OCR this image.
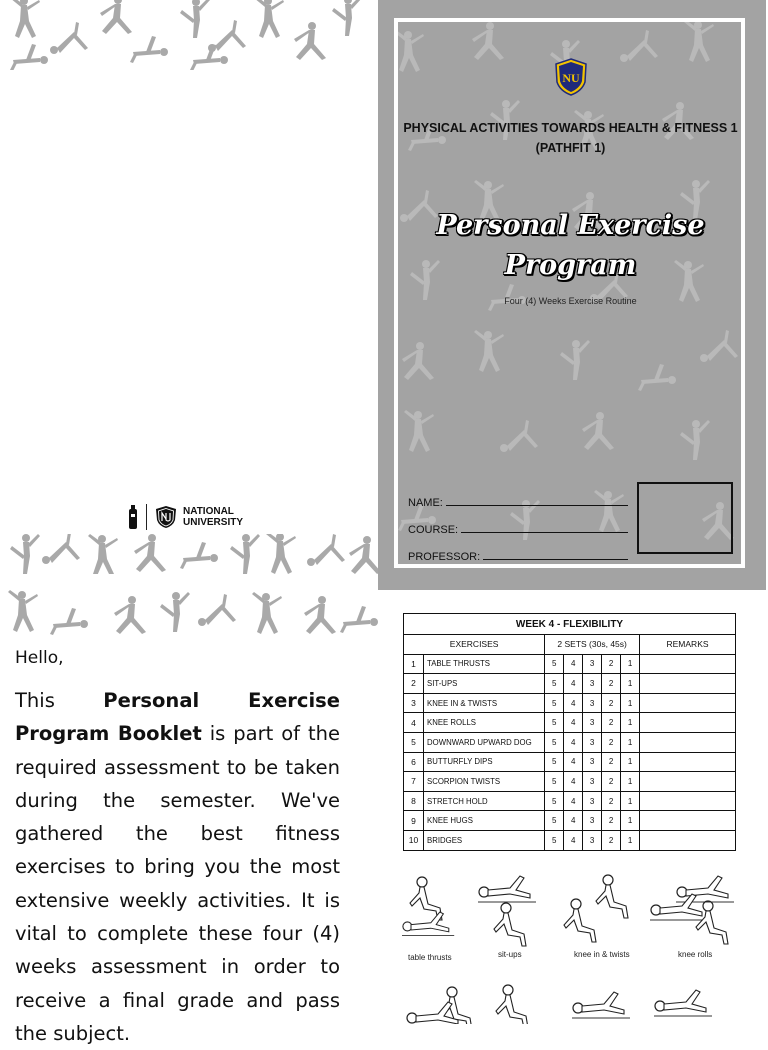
NU
PHYSICAL ACTIVITIES TOWARDS HEALTH & FITNESS 1
(PATHFIT 1)
Personal Exercise
Program
Four (4) Weeks Exercise Routine
NAME:
COURSE:
PROFESSOR:
NATIONAL
UNIVERSITY
Hello,
This Personal Exercise Program Booklet is part of the required assessment to be taken during the semester. We've gathered the best fitness exercises to bring you the most extensive weekly activities. It is vital to complete these four (4) weeks assessment in order to receive a final grade and pass the subject.
WEEK 4 - FLEXIBILITY							
EXERCISES		2 SETS (30s, 45s)					REMARKS
1	TABLE THRUSTS	5	4	3	2	1	
2	SIT-UPS	5	4	3	2	1	
3	KNEE IN & TWISTS	5	4	3	2	1	
4	KNEE ROLLS	5	4	3	2	1	
5	DOWNWARD UPWARD DOG	5	4	3	2	1	
6	BUTTURFLY DIPS	5	4	3	2	1	
7	SCORPION TWISTS	5	4	3	2	1	
8	STRETCH HOLD	5	4	3	2	1	
9	KNEE HUGS	5	4	3	2	1	
10	BRIDGES	5	4	3	2	1	
table thrusts	sit-ups	knee in & twists	knee rolls
